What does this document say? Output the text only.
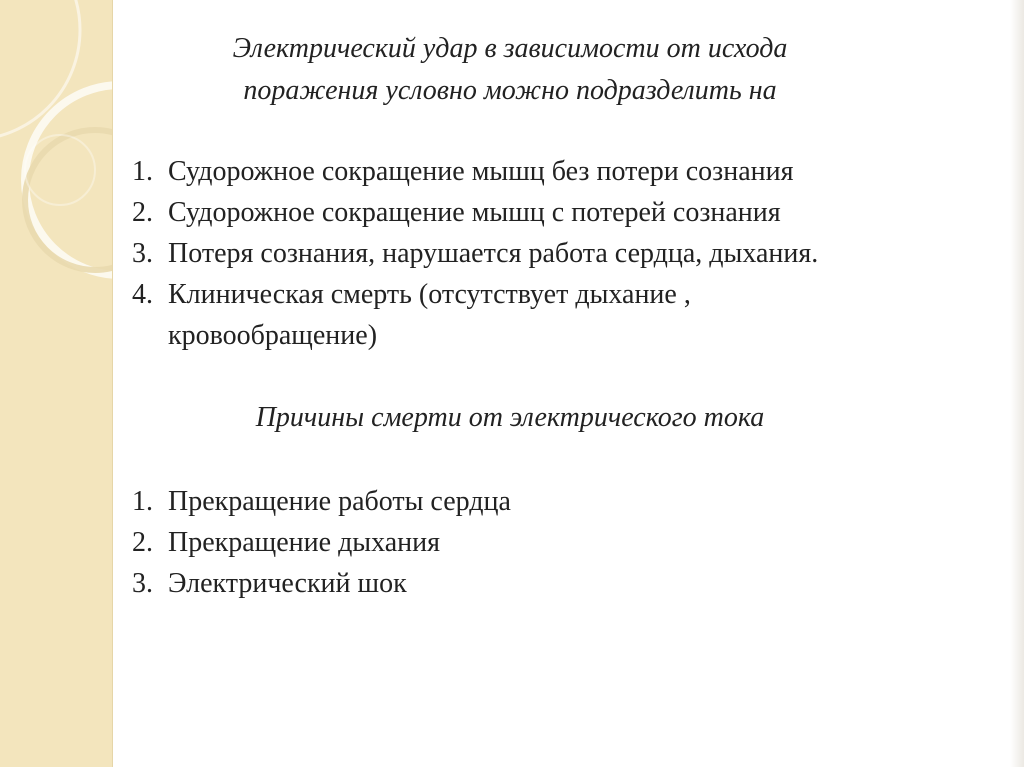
Электрический удар в зависимости от исхода
поражения условно можно подразделить на
1. Судорожное сокращение мышц без потери сознания
2. Судорожное сокращение мышц с потерей сознания
3. Потеря сознания, нарушается работа сердца, дыхания.
4. Клиническая смерть (отсутствует дыхание ,
кровообращение)
Причины смерти от электрического тока
1. Прекращение работы сердца
2. Прекращение дыхания
3. Электрический шок
